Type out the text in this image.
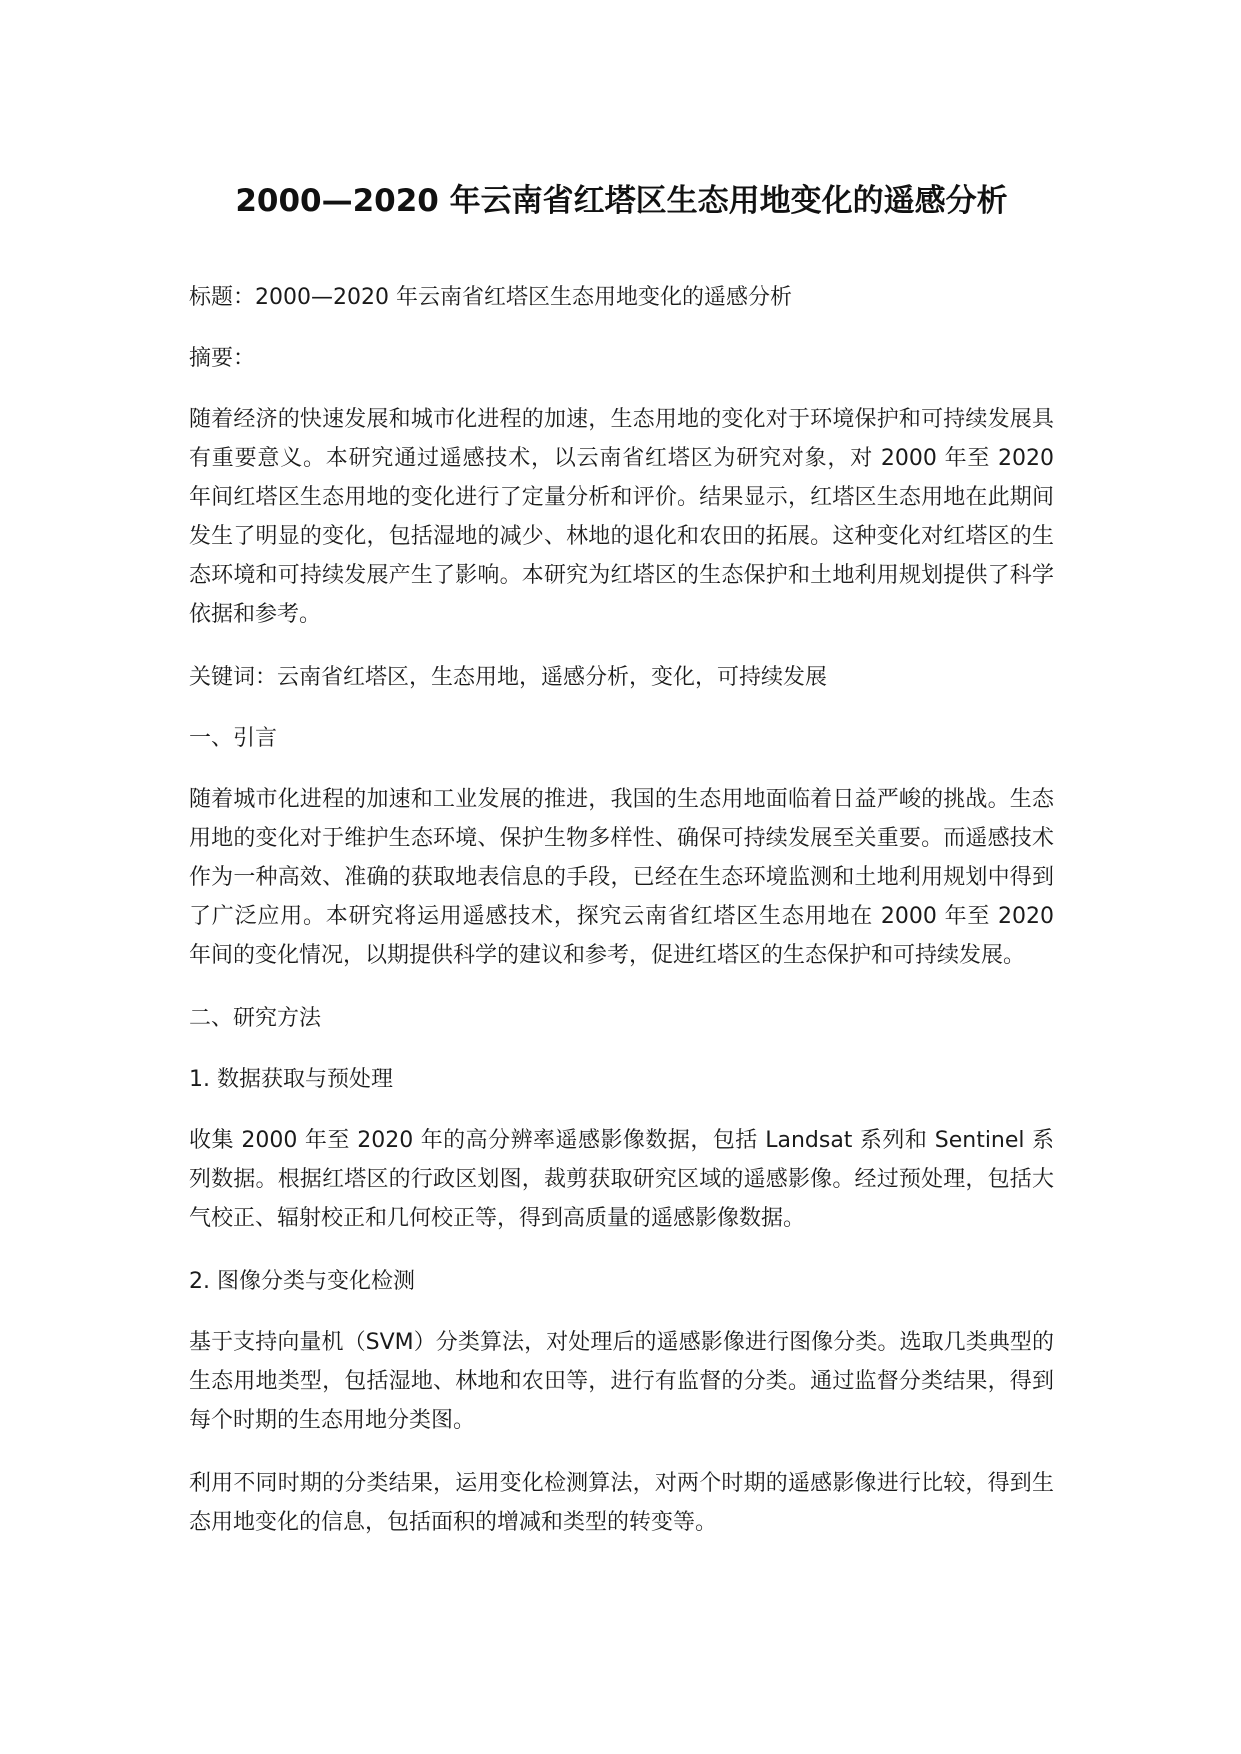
2000—2020 年云南省红塔区生态用地变化的遥感分析

标题：2000—2020 年云南省红塔区生态用地变化的遥感分析

摘要：

随着经济的快速发展和城市化进程的加速，生态用地的变化对于环境保护和可持续发展具有重要意义。本研究通过遥感技术，以云南省红塔区为研究对象，对 2000 年至 2020 年间红塔区生态用地的变化进行了定量分析和评价。结果显示，红塔区生态用地在此期间发生了明显的变化，包括湿地的减少、林地的退化和农田的拓展。这种变化对红塔区的生态环境和可持续发展产生了影响。本研究为红塔区的生态保护和土地利用规划提供了科学依据和参考。

关键词：云南省红塔区，生态用地，遥感分析，变化，可持续发展

一、引言

随着城市化进程的加速和工业发展的推进，我国的生态用地面临着日益严峻的挑战。生态用地的变化对于维护生态环境、保护生物多样性、确保可持续发展至关重要。而遥感技术作为一种高效、准确的获取地表信息的手段，已经在生态环境监测和土地利用规划中得到了广泛应用。本研究将运用遥感技术，探究云南省红塔区生态用地在 2000 年至 2020 年间的变化情况，以期提供科学的建议和参考，促进红塔区的生态保护和可持续发展。

二、研究方法

1. 数据获取与预处理

收集 2000 年至 2020 年的高分辨率遥感影像数据，包括 Landsat 系列和 Sentinel 系列数据。根据红塔区的行政区划图，裁剪获取研究区域的遥感影像。经过预处理，包括大气校正、辐射校正和几何校正等，得到高质量的遥感影像数据。

2. 图像分类与变化检测

基于支持向量机（SVM）分类算法，对处理后的遥感影像进行图像分类。选取几类典型的生态用地类型，包括湿地、林地和农田等，进行有监督的分类。通过监督分类结果，得到每个时期的生态用地分类图。

利用不同时期的分类结果，运用变化检测算法，对两个时期的遥感影像进行比较，得到生态用地变化的信息，包括面积的增减和类型的转变等。
